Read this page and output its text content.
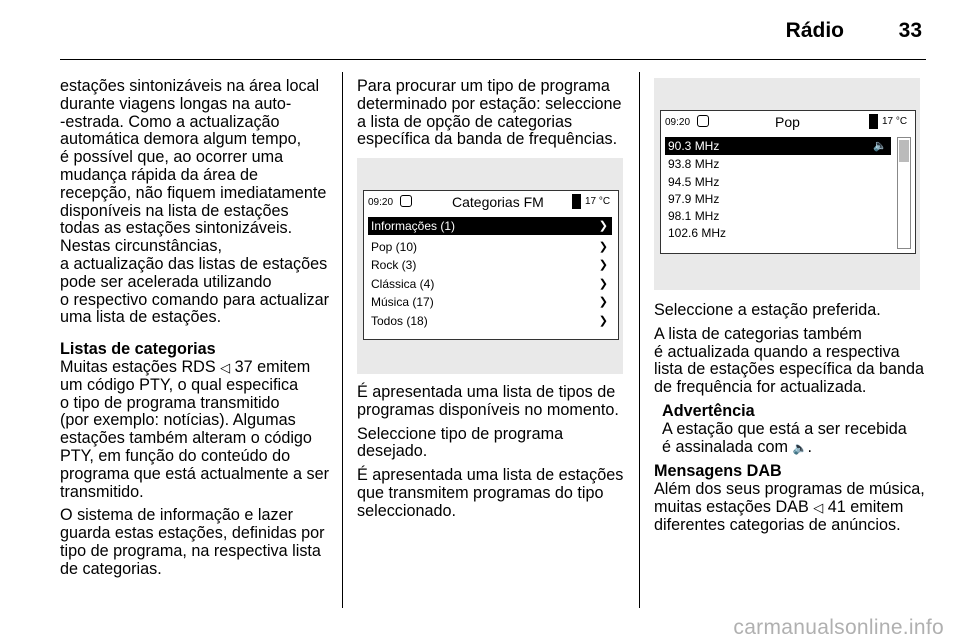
Rádio	33

estações sintonizáveis na área local
durante viagens longas na auto-
-estrada. Como a actualização
automática demora algum tempo,
é possível que, ao ocorrer uma
mudança rápida da área de
recepção, não fiquem imediatamente
disponíveis na lista de estações
todas as estações sintonizáveis.
Nestas circunstâncias,
a actualização das listas de estações
pode ser acelerada utilizando
o respectivo comando para actualizar
uma lista de estações.

Listas de categorias

Muitas estações RDS ◁ 37 emitem
um código PTY, o qual especifica
o tipo de programa transmitido
(por exemplo: notícias). Algumas
estações também alteram o código
PTY, em função do conteúdo do
programa que está actualmente a ser
transmitido.

O sistema de informação e lazer
guarda estas estações, definidas por
tipo de programa, na respectiva lista
de categorias.

Para procurar um tipo de programa
determinado por estação: seleccione
a lista de opção de categorias
específica da banda de frequências.

09:20	Categorias FM	17 °C
Informações (1)	❯
Pop (10)	❯
Rock (3)	❯
Clássica (4)	❯
Música (17)	❯
Todos (18)	❯

É apresentada uma lista de tipos de
programas disponíveis no momento.

Seleccione tipo de programa
desejado.

É apresentada uma lista de estações
que transmitem programas do tipo
seleccionado.

09:20	Pop	17 °C
90.3 MHz	🔈
93.8 MHz
94.5 MHz
97.9 MHz
98.1 MHz
102.6 MHz

Seleccione a estação preferida.

A lista de categorias também
é actualizada quando a respectiva
lista de estações específica da banda
de frequência for actualizada.

Advertência
A estação que está a ser recebida
é assinalada com 🔈.
Mensagens DAB

Além dos seus programas de música,
muitas estações DAB ◁ 41 emitem
diferentes categorias de anúncios.

carmanualsonline.info
